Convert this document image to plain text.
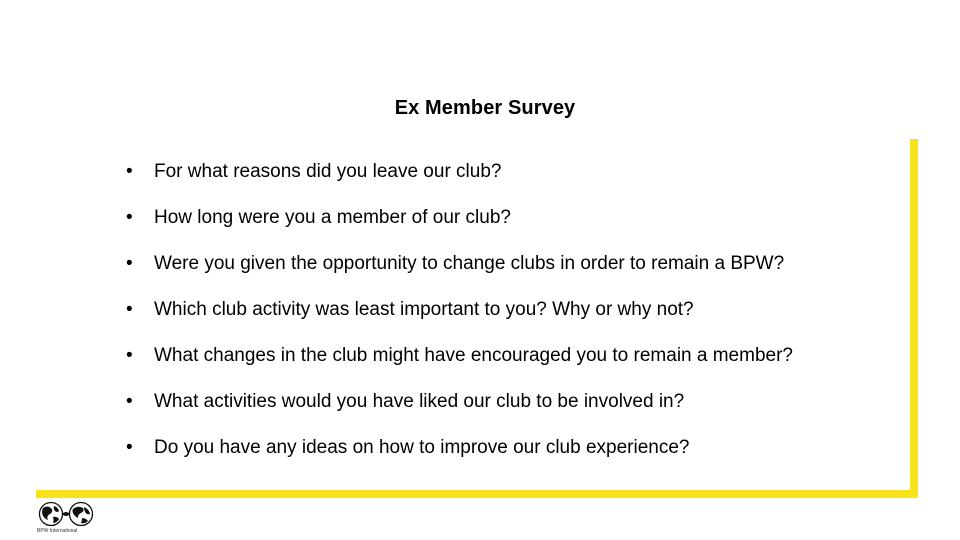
Ex Member Survey
•	For what reasons did you leave our club?
•	How long were you a member of our club?
•	Were you given the opportunity to change clubs in order to remain a BPW?
•	Which club activity was least important to you? Why or why not?
•	What changes in the club might have encouraged you to remain a member?
•	What activities would you have liked our club to be involved in?
•	Do you have any ideas on how to improve our club experience?
BPW International
